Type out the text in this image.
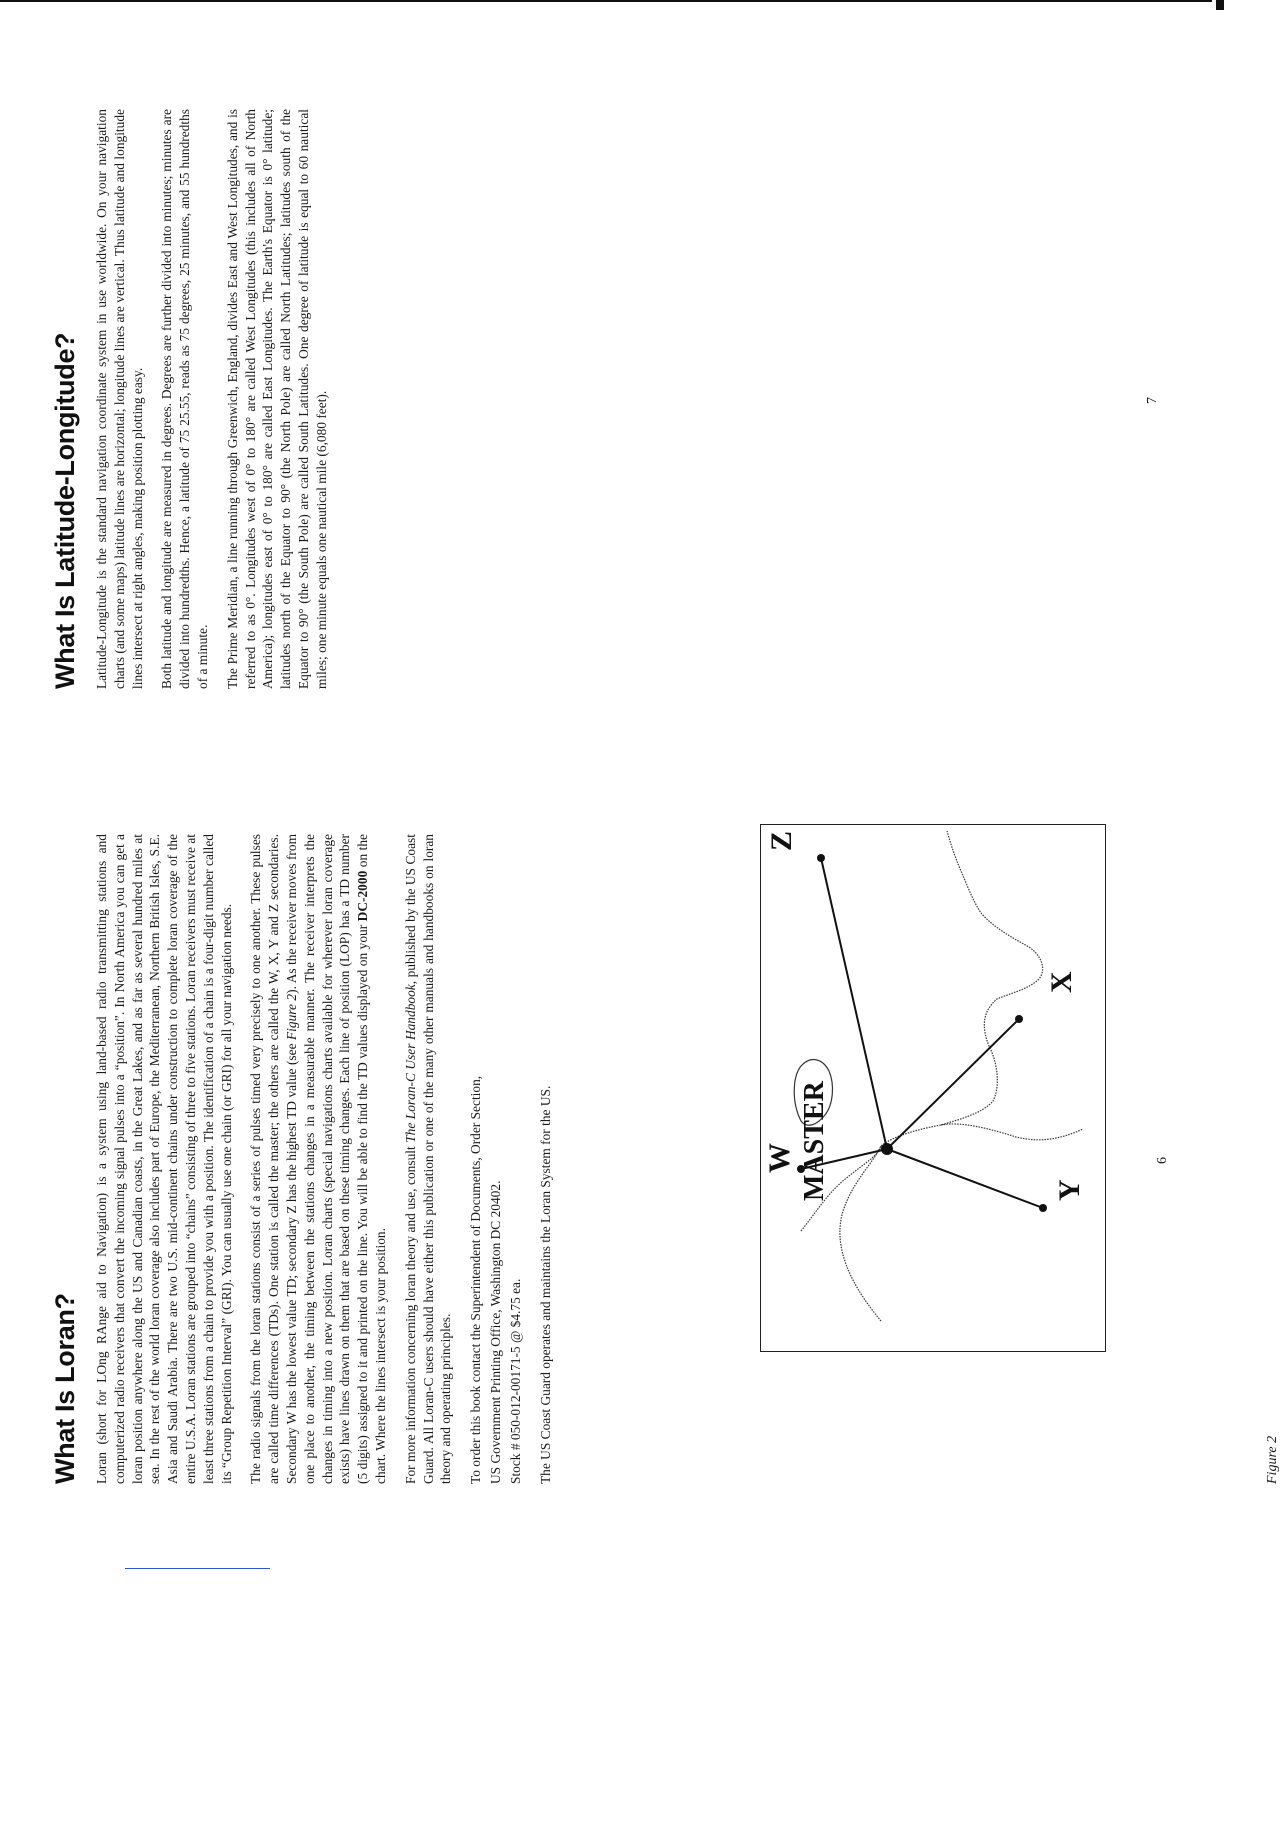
What Is Loran? Loran (short for LOng RAnge aid to Navigation) is a system using land-based radio transmitting stations and computerized radio receivers that convert the incoming signal pulses into a “position”. In North America you can get a loran position anywhere along the US and Canadian coasts, in the Great Lakes, and as far as several hundred miles at sea. In the rest of the world loran coverage also includes part of Europe, the Mediterranean, Northern British Isles, S.E. Asia and Saudi Arabia. There are two U.S. mid-continent chains under construction to complete loran coverage of the entire U.S.A. Loran stations are grouped into “chains” consisting of three to five stations. Loran receivers must receive at least three stations from a chain to provide you with a position. The identification of a chain is a four-digit number called its “Group Repetition Interval” (GRI). You can usually use one chain (or GRI) for all your navigation needs. The radio signals from the loran stations consist of a series of pulses timed very precisely to one another. These pulses are called time differences (TDs). One station is called the master; the others are called the W, X, Y and Z secondaries. Secondary W has the lowest value TD; secondary Z has the highest TD value (see Figure 2). As the receiver moves from one place to another, the timing between the stations changes in a measurable manner. The receiver interprets the changes in timing into a new position. Loran charts (special navigations charts available for wherever loran coverage exists) have lines drawn on them that are based on these timing changes. Each line of position (LOP) has a TD number (5 digits) assigned to it and printed on the line. You will be able to find the TD values displayed on your DC-2000 on the chart. Where the lines intersect is your position. For more information concerning loran theory and use, consult The Loran-C User Handbook, published by the US Coast Guard. All Loran-C users should have either this publication or one of the many other manuals and handbooks on loran theory and operating principles. To order this book contact the Superintendent of Documents, Order Section, US Government Printing Office, Washington DC 20402. Stock # 050-012-00171-5 @ $4.75 ea. The US Coast Guard operates and maintains the Loran System for the US.

X
Y
Z
W MASTER
Figure 2
6
What Is Latitude-Longitude? Latitude-Longitude is the standard navigation coordinate system in use worldwide. On your navigation charts (and some maps) latitude lines are horizontal; longitude lines are vertical. Thus latitude and longitude lines intersect at right angles, making position plotting easy. Both latitude and longitude are measured in degrees. Degrees are further divided into minutes; minutes are divided into hundredths. Hence, a latitude of 75 25.55, reads as 75 degrees, 25 minutes, and 55 hundredths of a minute. The Prime Meridian, a line running through Greenwich, England, divides East and West Longitudes, and is referred to as 0°. Longitudes west of 0° to 180° are called West Longitudes (this includes all of North America); longitudes east of 0° to 180° are called East Longitudes. The Earth's Equator is 0° latitude; latitudes north of the Equator to 90° (the North Pole) are called North Latitudes; latitudes south of the Equator to 90° (the South Pole) are called South Latitudes. One degree of latitude is equal to 60 nautical miles; one minute equals one nautical mile (6,080 feet).	7
